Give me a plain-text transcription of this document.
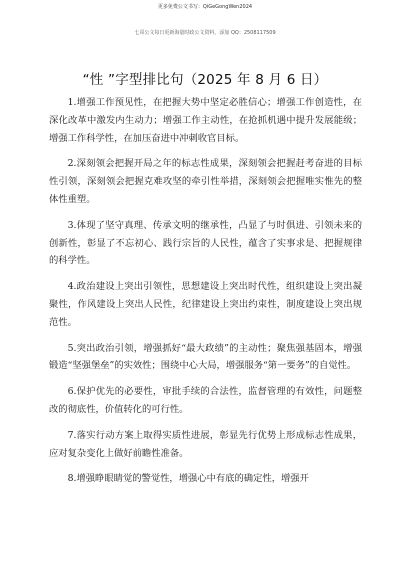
更多免费公文书写：QiGeGongWen2024
七哥公文每日更新海量时政公文资料，添加 QQ：2508117509
“性 ”字型排比句（2025 年 8 月 6 日）

1.增强工作预见性，在把握大势中坚定必胜信心；增强工作创造性，在深化改革中激发内生动力；增强工作主动性，在抢抓机遇中提升发展能级；增强工作科学性，在加压奋进中冲刺收官目标。

2.深刻领会把握开局之年的标志性成果，深刻领会把握赶考奋进的目标性引领，深刻领会把握克难攻坚的牵引性举措，深刻领会把握唯实惟先的整体性重塑。

3.体现了坚守真理、传承文明的继承性，凸显了与时俱进、引领未来的创新性，彰显了不忘初心、践行宗旨的人民性，蕴含了实事求是、把握规律的科学性。

4.政治建设上突出引领性，思想建设上突出时代性，组织建设上突出凝聚性，作风建设上突出人民性，纪律建设上突出约束性，制度建设上突出规范性。

5.突出政治引领，增强抓好“最大政绩”的主动性；聚焦强基固本，增强锻造“坚强堡垒”的实效性；围绕中心大局，增强服务“第一要务”的自觉性。

6.保护优先的必要性，审批手续的合法性，监督管理的有效性，问题整改的彻底性，价值转化的可行性。

7.落实行动方案上取得实质性进展，彰显先行优势上形成标志性成果，应对复杂变化上做好前瞻性准备。

8.增强睁眼睛觉的警觉性，增强心中有底的确定性，增强开
